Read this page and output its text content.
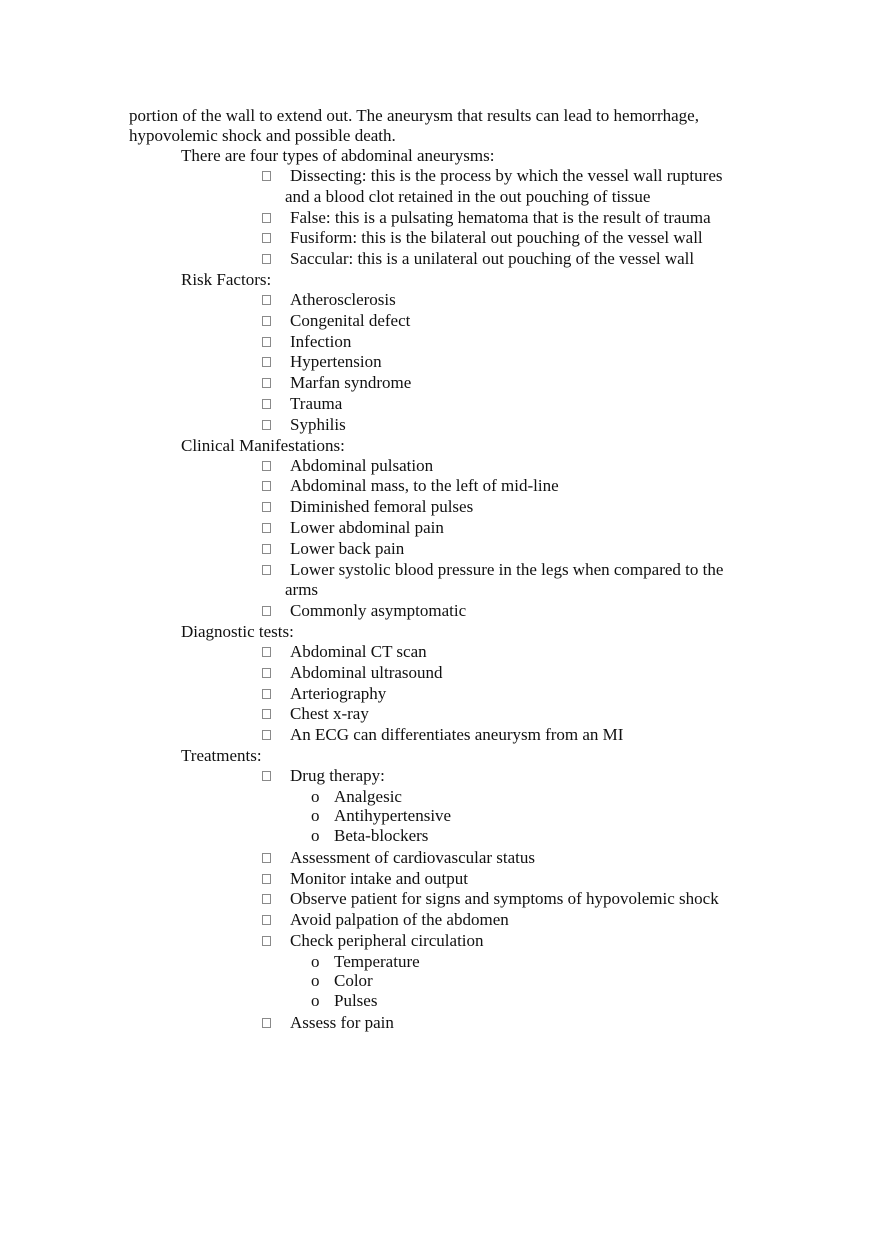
portion of the wall to extend out. The aneurysm that results can lead to hemorrhage,

hypovolemic shock and possible death.

There are four types of abdominal aneurysms:
Dissecting: this is the process by which the vessel wall ruptures and a blood clot retained in the out pouching of tissue
False: this is a pulsating hematoma that is the result of trauma
Fusiform: this is the bilateral out pouching of the vessel wall
Saccular: this is a unilateral out pouching of the vessel wall
Risk Factors:
Atherosclerosis
Congenital defect
Infection
Hypertension
Marfan syndrome
Trauma
Syphilis
Clinical Manifestations:
Abdominal pulsation
Abdominal mass, to the left of mid-line
Diminished femoral pulses
Lower abdominal pain
Lower back pain
Lower systolic blood pressure in the legs when compared to the arms
Commonly asymptomatic
Diagnostic tests:
Abdominal CT scan
Abdominal ultrasound
Arteriography
Chest x-ray
An ECG can differentiates aneurysm from an MI
Treatments:
Drug therapy:
o Analgesic
o Antihypertensive
o Beta-blockers
Assessment of cardiovascular status
Monitor intake and output
Observe patient for signs and symptoms of hypovolemic shock
Avoid palpation of the abdomen
Check peripheral circulation
o Temperature
o Color
o Pulses
Assess for pain
